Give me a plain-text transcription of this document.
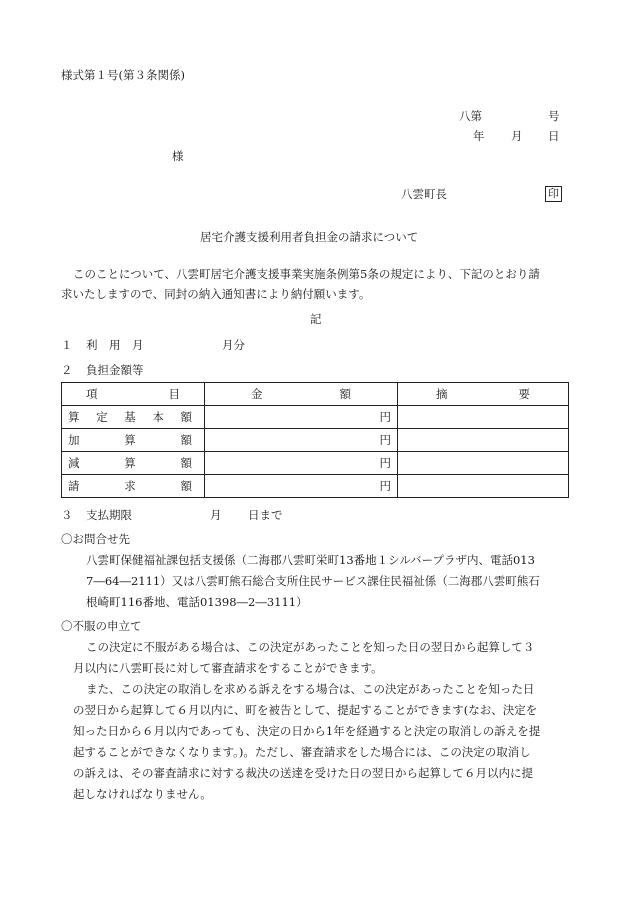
様式第１号(第３条関係)
八第	号
年 月 日
様
八雲町長	印
居宅介護支援利用者負担金の請求について
このことについて、八雲町居宅介護支援事業実施条例第5条の規定により、下記のとおり請
求いたしますので、同封の納入通知書により納付願います。
記
１ 利　用　月	月分
２ 負担金額等
項 目	金 額	摘 要

算 定 基 本 額	円	

加 算 額	円	

減 算 額	円	

請 求 額	円	
３ 支払期限	月 日まで
〇お問合せ先
八雲町保健福祉課包括支援係（二海郡八雲町栄町13番地１シルバープラザ内、電話013
7―64―2111）又は八雲町熊石総合支所住民サービス課住民福祉係（二海郡八雲町熊石
根崎町116番地、電話01398―2―3111）
〇不服の申立て
この決定に不服がある場合は、この決定があったことを知った日の翌日から起算して３
月以内に八雲町長に対して審査請求をすることができます。
また、この決定の取消しを求める訴えをする場合は、この決定があったことを知った日
の翌日から起算して６月以内に、町を被告として、提起することができます(なお、決定を
知った日から６月以内であっても、決定の日から1年を経過すると決定の取消しの訴えを提
起することができなくなります。)。ただし、審査請求をした場合には、この決定の取消し
の訴えは、その審査請求に対する裁決の送達を受けた日の翌日から起算して６月以内に提
起しなければなりません。
